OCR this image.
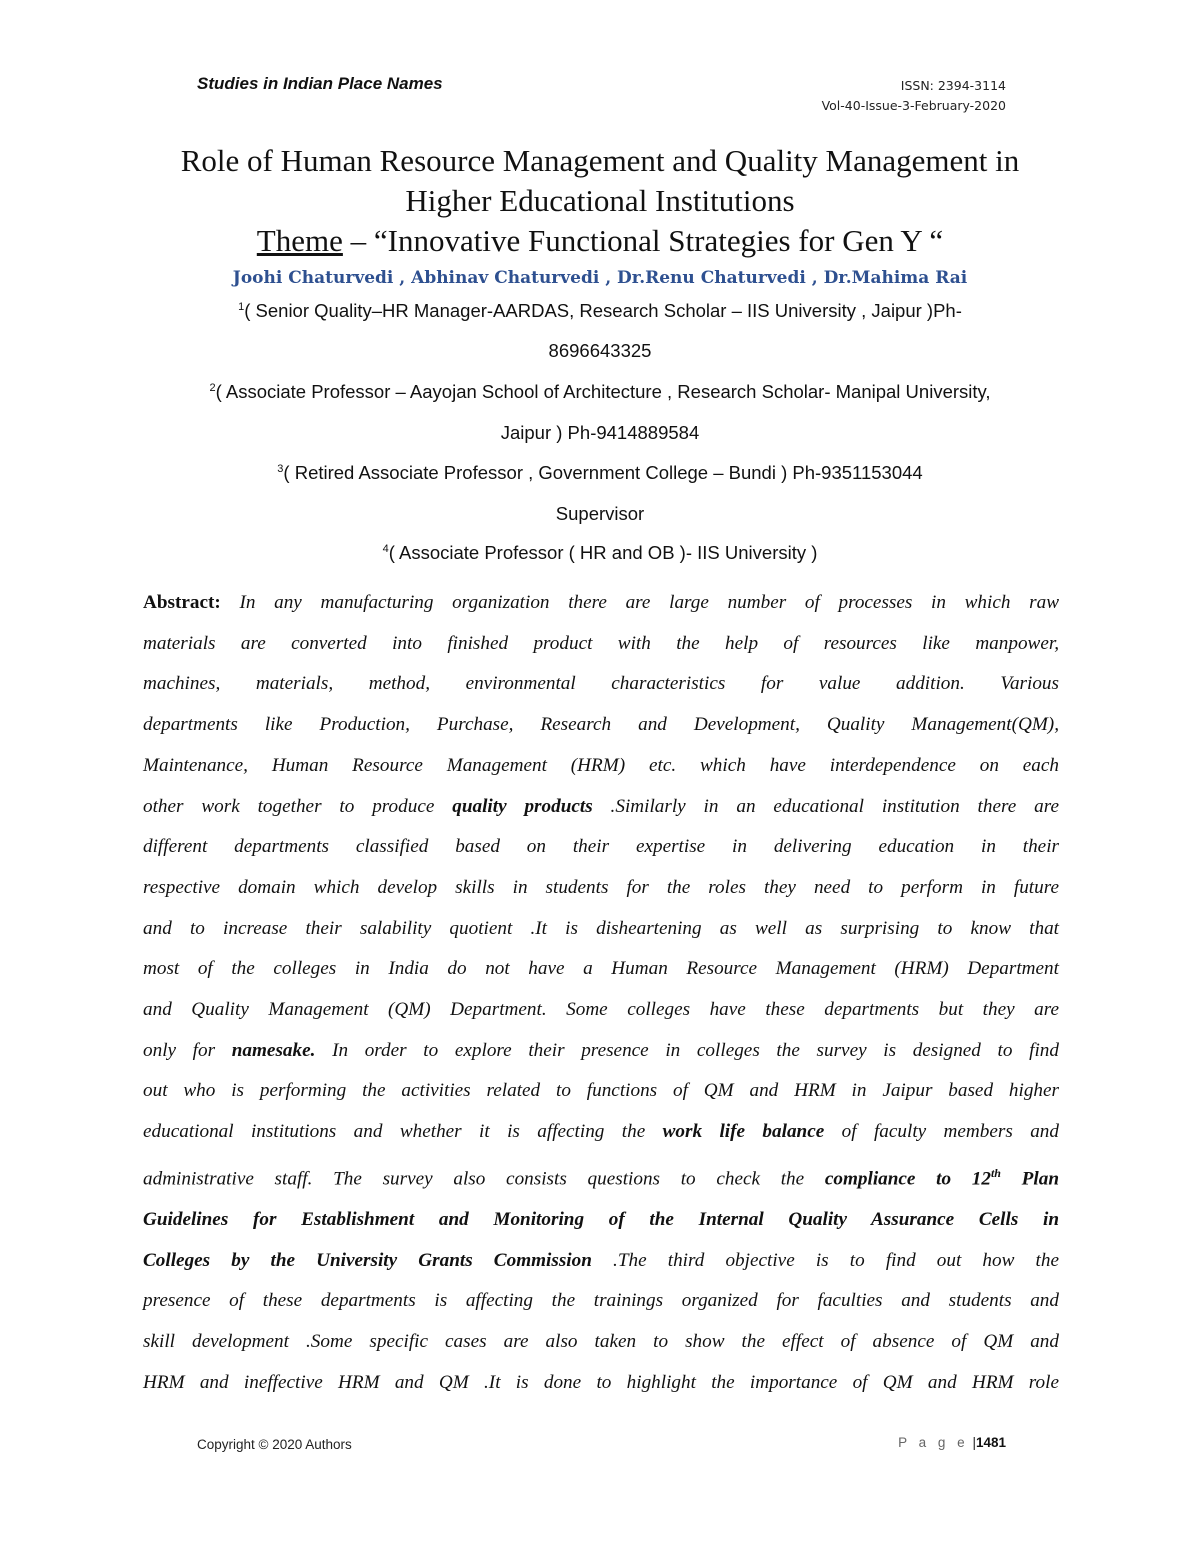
Studies in Indian Place Names	ISSN: 2394-3114
Vol-40-Issue-3-February-2020
Role of Human Resource Management and Quality Management in
Higher Educational Institutions
Theme – “Innovative Functional Strategies for Gen Y “
Joohi Chaturvedi , Abhinav Chaturvedi , Dr.Renu Chaturvedi , Dr.Mahima Rai
$^1$( Senior Quality–HR Manager-AARDAS, Research Scholar – IIS University , Jaipur )Ph-
8696643325
$^2$( Associate Professor – Aayojan School of Architecture , Research Scholar- Manipal University,
Jaipur ) Ph-9414889584
$^3$( Retired Associate Professor , Government College – Bundi ) Ph-9351153044
Supervisor
$^4$( Associate Professor ( HR and OB )- IIS University )
Abstract: In any manufacturing organization there are large number of processes in which raw
materials are converted into finished product with the help of resources like manpower,
machines, materials, method, environmental characteristics for value addition. Various
departments like Production, Purchase, Research and Development, Quality Management(QM),
Maintenance, Human Resource Management (HRM) etc. which have interdependence on each
other work together to produce quality products .Similarly in an educational institution there are
different departments classified based on their expertise in delivering education in their
respective domain which develop skills in students for the roles they need to perform in future
and to increase their salability quotient .It is disheartening as well as surprising to know that
most of the colleges in India do not have a Human Resource Management (HRM) Department
and Quality Management (QM) Department. Some colleges have these departments but they are
only for namesake. In order to explore their presence in colleges the survey is designed to find
out who is performing the activities related to functions of QM and HRM in Jaipur based higher
educational institutions and whether it is affecting the work life balance of faculty members and
administrative staff. The survey also consists questions to check the compliance to 12th Plan
Guidelines for Establishment and Monitoring of the Internal Quality Assurance Cells in
Colleges by the University Grants Commission .The third objective is to find out how the
presence of these departments is affecting the trainings organized for faculties and students and
skill development .Some specific cases are also taken to show the effect of absence of QM and
HRM and ineffective HRM and QM .It is done to highlight the importance of QM and HRM role
Copyright © 2020 Authors	P a g e |1481
